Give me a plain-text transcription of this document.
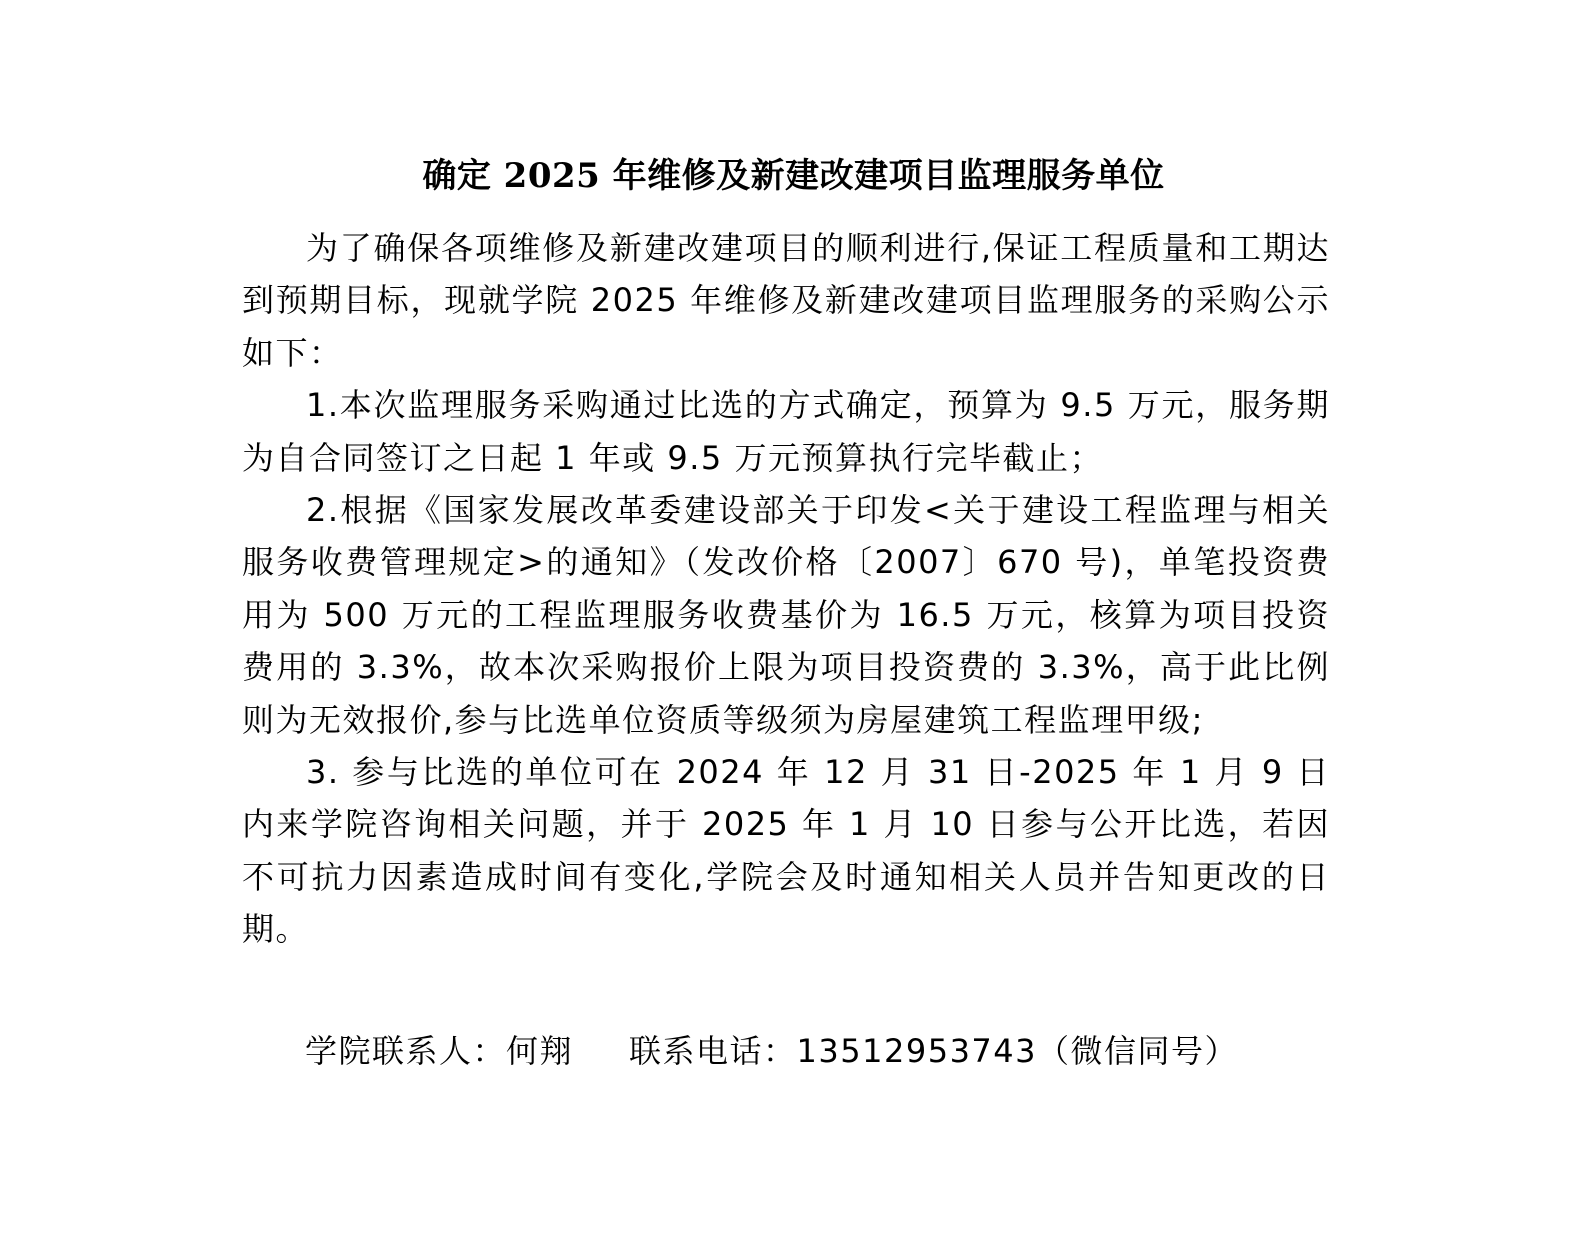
确定 2025 年维修及新建改建项目监理服务单位

为了确保各项维修及新建改建项目的顺利进行,保证工程质量和工期达到预期目标，现就学院 2025 年维修及新建改建项目监理服务的采购公示如下：

1.本次监理服务采购通过比选的方式确定，预算为 9.5 万元，服务期为自合同签订之日起 1 年或 9.5 万元预算执行完毕截止；

2.根据《国家发展改革委建设部关于印发<关于建设工程监理与相关服务收费管理规定>的通知》（发改价格〔2007〕670 号)，单笔投资费用为 500 万元的工程监理服务收费基价为 16.5 万元，核算为项目投资费用的 3.3%，故本次采购报价上限为项目投资费的 3.3%，高于此比例则为无效报价,参与比选单位资质等级须为房屋建筑工程监理甲级;

3. 参与比选的单位可在 2024 年 12 月 31 日-2025 年 1 月 9 日内来学院咨询相关问题，并于 2025 年 1 月 10 日参与公开比选，若因不可抗力因素造成时间有变化,学院会及时通知相关人员并告知更改的日期。

学院联系人：何翔 联系电话：13512953743（微信同号）
